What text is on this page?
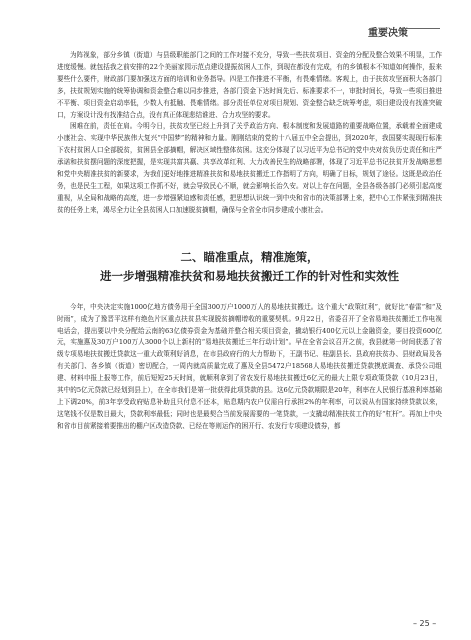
重要决策

为阵视象，部分乡镇（街道）与县级职能部门之间的工作对接不充分，导致一些扶贫项目、资金的分配及整合效果不明显，工作进度缓慢。就包括我之前安排的22个美丽家园示范点建设提振贫困人工作，到现在都没有完成，有的乡镇根本不知道如何操作，报来要些什么要件，财政部门要加强这方面的培训和业务指导。四是工作推进不平衡，有畏难情绪。客观上，由于扶贫攻坚面积大各部门多，扶贫规划实施的统筹协调和资金整合难以同步推进，各部门资金下达时间先后、标准要求不一，审批时间长，导致一些项目推进不平衡、项目资金启动率低，少数人有抵触、畏难情绪。部分责任单位对项目规划、资金整合缺乏统筹考虑，项目建设没有找准突破口，方案设计没有找准结合点，没有真正体现悲结谁进、合力攻坚的要求。

困难在前，责任在肩。今明今日，扶贫攻坚已经上升到了关乎政治方向、根本制度和发展道路的重要战略位置，承载着全面建成小康社会、实现中华民族伟大复兴“中国梦”的精神和力量。刚刚结束的党的十八届五中全会提出，到2020年，我国要实现现行标准下农村贫困人口全部脱贫，贫困县全部摘帽，解决区域性整体贫困。这充分体现了以习近平为总书记的党中央对贫负历史责任和庄严承诺和扶贫摆问题的深度把握，是实现共富共赢、共享改革红利、大力改善民生的战略部署，体现了习近平总书记扶贫开发战略思想和党中央精准扶贫的新要求，为我们更好地推进精准扶贫和易地扶贫搬迁工作指明了方向，明确了目标，规划了途径。这既是政治任务，也是民生工程，如果这项工作抓不好，就会导致民心不顺，就会影响长治久安。对以上存在问题，全县各级各部门必须引起高度重视，从全局和战略的高度，进一步增强紧迫感和责任感，把思想认识统一到中央和省市的决策部署上来，把中心工作紧张到精准扶贫的任务上来，竭尽全力让全县贫困人口加速脱贫摘帽，确保与全省全市同步建成小康社会。

二、瞄准重点，精准施策，
进一步增强精准扶贫和易地扶贫搬迁工作的针对性和实效性

今年，中央决定实施1000亿地方债务用于全国300万户1000万人的易地扶贫搬迁。这个重大“政策红利”，就好比“春雷”和“及时雨”，成为了豫晋平这样有绝色片区重点扶贫县实现脱贫摘帽增收的重要契机。9月22日，省委召开了全省易地扶贫搬迁工作电视电话会，提出要以中央分配给云南的63亿债券资金为基础并整合相关项目资金，撬动银行400亿元以上金融资金，要目投资600亿元，实施惠及30万户100万人3000个以上新村的“易地扶贫搬迁三年行动计划”。早在全省会议召开之前，我县就第一时间获悉了省级专项易地扶贫搬迁贷款这一重大政策利好消息，在市县政府行的大力帮助下，王副书记、桂副县长、县政府扶贫办、县财政局及各有关部门、各乡镇（街道）密切配合，一周内就高质量完成了惠及全县5472户18568人易地扶贫搬迁贷款摸底调查、承贷公司组建、材料申报上报等工作，前后短短25天时间，就顺利拿到了省农发行易地扶贫搬迁6亿元的最大上限专项政策贷款（10月23日，其中的5亿元贷款已经划到县上），在全市我们是第一批获得此项贷款的县。这6亿元贷款期限是20年，利率在人民银行基准利率基础上下调20%，前3年享受政府贴息补助且只付息不还本，贴息期内农户仅需自行承担2%的年利率，可以说从有国家持续贷款以来，这笔钱不仅是数目最大，贷款利率最低；同时也是最契合当前发展需要的一笔贷款，一支撬动精准扶贫工作的好“杠杆”。再加上中央和省市目前紧接着要推出的棚户区改造贷款、已经在等则运作的困开行、农发行专项建设债券，都

– 25 –
